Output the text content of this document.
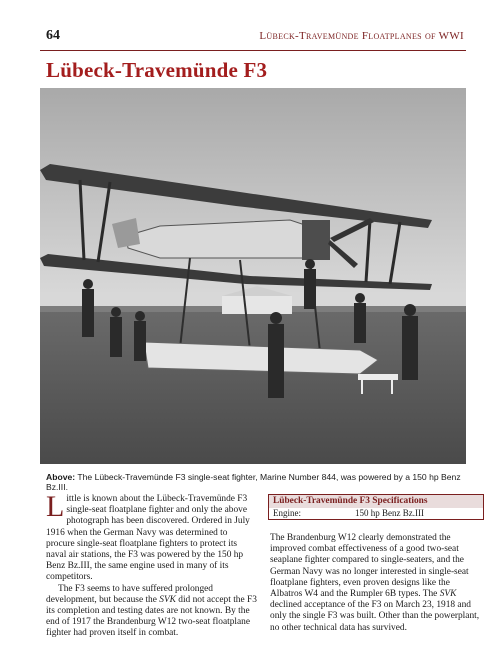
64	Lübeck-Travemünde Floatplanes of WWI
Lübeck-Travemünde F3
Above: The Lübeck-Travemünde F3 single-seat fighter, Marine Number 844, was powered by a 150 hp Benz Bz.III.

Little is known about the Lübeck-Travemünde F3 single-seat floatplane fighter and only the above photograph has been discovered. Ordered in July 1916 when the German Navy was determined to procure single-seat floatplane fighters to protect its naval air stations, the F3 was powered by the 150 hp Benz Bz.III, the same engine used in many of its competitors.

The F3 seems to have suffered prolonged development, but because the SVK did not accept the F3 its completion and testing dates are not known. By the end of 1917 the Brandenburg W12 two-seat floatplane fighter had proven itself in combat.

Lübeck-Travemünde F3 Specifications
Engine:	150 hp Benz Bz.III

The Brandenburg W12 clearly demonstrated the improved combat effectiveness of a good two-seat seaplane fighter compared to single-seaters, and the German Navy was no longer interested in single-seat floatplane fighters, even proven designs like the Albatros W4 and the Rumpler 6B types. The SVK declined acceptance of the F3 on March 23, 1918 and only the single F3 was built. Other than the powerplant, no other technical data has survived.
